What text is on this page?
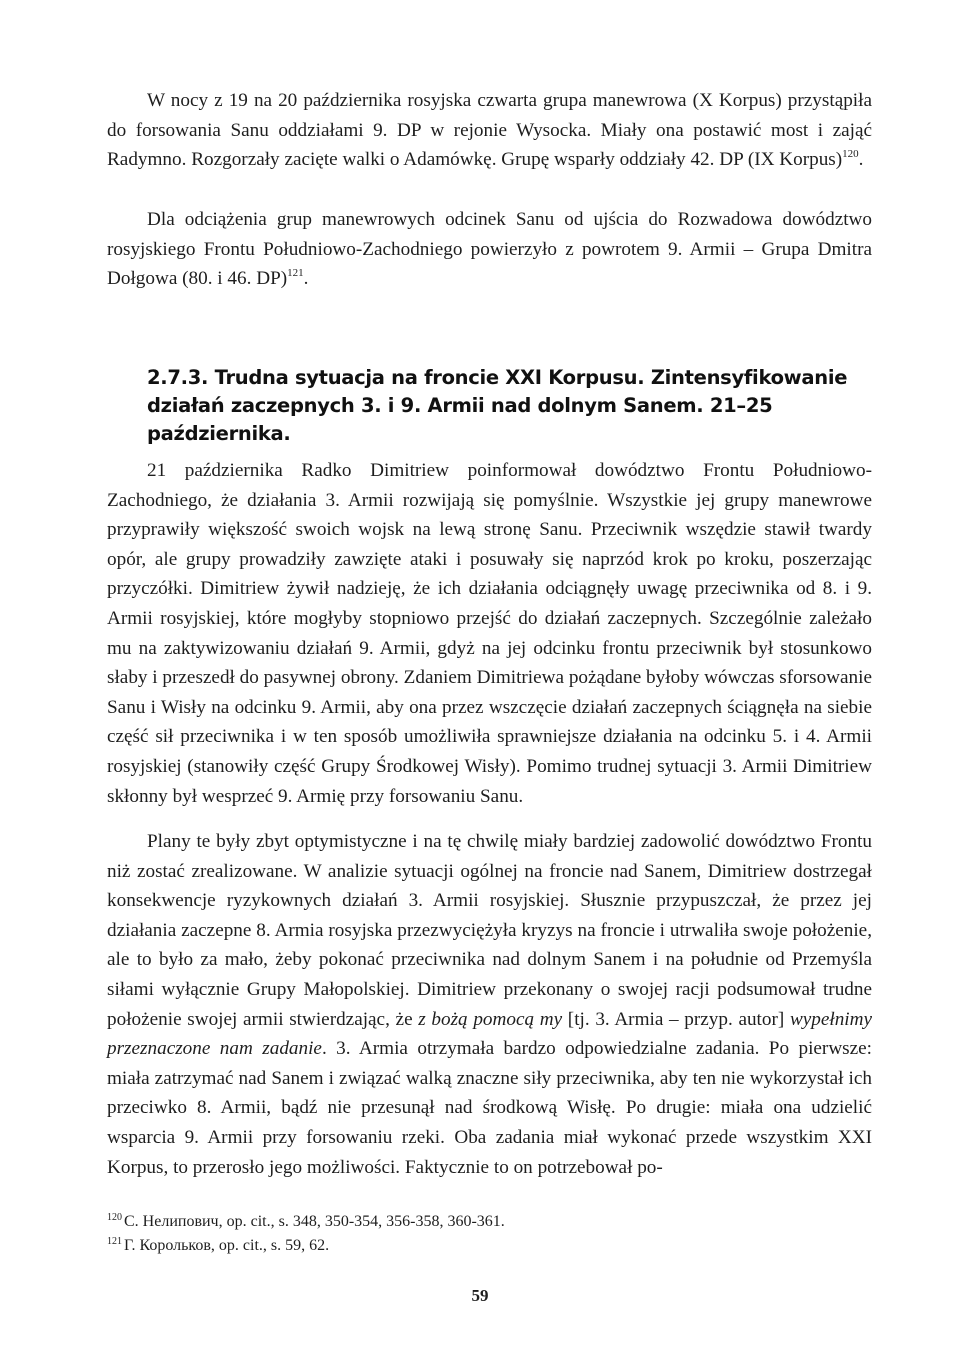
W nocy z 19 na 20 października rosyjska czwarta grupa manewrowa (X Korpus) przystąpiła do forsowania Sanu oddziałami 9. DP w rejonie Wysocka. Miały ona postawić most i zająć Radymno. Rozgorzały zacięte walki o Adamówkę. Grupę wsparły oddziały 42. DP (IX Korpus)$^{120}$.

Dla odciążenia grup manewrowych odcinek Sanu od ujścia do Rozwadowa dowództwo rosyjskiego Frontu Południowo-Zachodniego powierzyło z powrotem 9. Armii – Grupa Dmitra Dołgowa (80. i 46. DP)$^{121}$.

2.7.3. Trudna sytuacja na froncie XXI Korpusu. Zintensyfikowanie działań zaczepnych 3. i 9. Armii nad dolnym Sanem. 21–25 października.

21 października Radko Dimitriew poinformował dowództwo Frontu Południowo-Zachodniego, że działania 3. Armii rozwijają się pomyślnie. Wszystkie jej grupy manewrowe przyprawiły większość swoich wojsk na lewą stronę Sanu. Przeciwnik wszędzie stawił twardy opór, ale grupy prowadziły zawzięte ataki i posuwały się naprzód krok po kroku, poszerzając przyczółki. Dimitriew żywił nadzieję, że ich działania odciągnęły uwagę przeciwnika od 8. i 9. Armii rosyjskiej, które mogłyby stopniowo przejść do działań zaczepnych. Szczególnie zależało mu na zaktywizowaniu działań 9. Armii, gdyż na jej odcinku frontu przeciwnik był stosunkowo słaby i przeszedł do pasywnej obrony. Zdaniem Dimitriewa pożądane byłoby wówczas sforsowanie Sanu i Wisły na odcinku 9. Armii, aby ona przez wszczęcie działań zaczepnych ściągnęła na siebie część sił przeciwnika i w ten sposób umożliwiła sprawniejsze działania na odcinku 5. i 4. Armii rosyjskiej (stanowiły część Grupy Środkowej Wisły). Pomimo trudnej sytuacji 3. Armii Dimitriew skłonny był wesprzeć 9. Armię przy forsowaniu Sanu.

Plany te były zbyt optymistyczne i na tę chwilę miały bardziej zadowolić dowództwo Frontu niż zostać zrealizowane. W analizie sytuacji ogólnej na froncie nad Sanem, Dimitriew dostrzegał konsekwencje ryzykownych działań 3. Armii rosyjskiej. Słusznie przypuszczał, że przez jej działania zaczepne 8. Armia rosyjska przezwyciężyła kryzys na froncie i utrwaliła swoje położenie, ale to było za mało, żeby pokonać przeciwnika nad dolnym Sanem i na południe od Przemyśla siłami wyłącznie Grupy Małopolskiej. Dimitriew przekonany o swojej racji podsumował trudne położenie swojej armii stwierdzając, że z bożą pomocą my [tj. 3. Armia – przyp. autor] wypełnimy przeznaczone nam zadanie. 3. Armia otrzymała bardzo odpowiedzialne zadania. Po pierwsze: miała zatrzymać nad Sanem i związać walką znaczne siły przeciwnika, aby ten nie wykorzystał ich przeciwko 8. Armii, bądź nie przesunął nad środkową Wisłę. Po drugie: miała ona udzielić wsparcia 9. Armii przy forsowaniu rzeki. Oba zadania miał wykonać przede wszystkim XXI Korpus, to przerosło jego możliwości. Faktycznie to on potrzebował po-

$^{120}$ С. Нелипович, op. cit., s. 348, 350-354, 356-358, 360-361.

$^{121}$ Г. Корольков, op. cit., s. 59, 62.

59
